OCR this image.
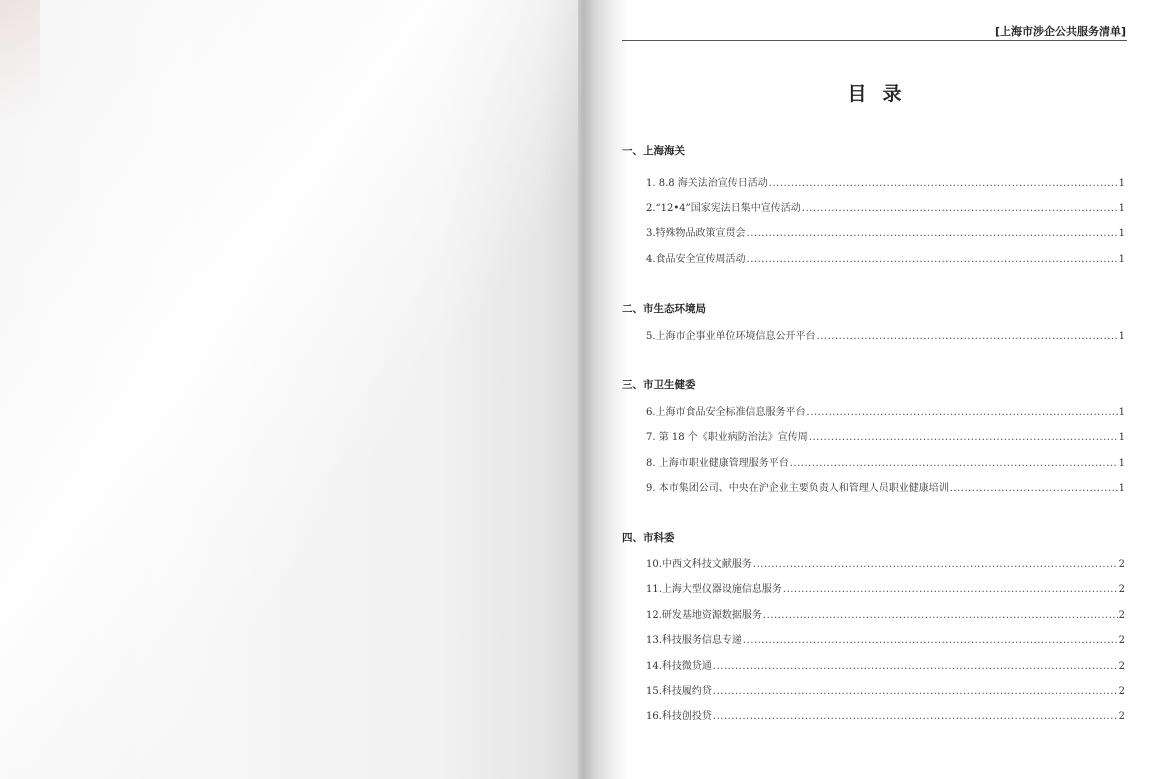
[上海市涉企公共服务清单]
目录
一、上海海关
1. 8.8 海关法治宣传日活动 .....	1
2.“12•4”国家宪法日集中宣传活动 .....	1
3.特殊物品政策宣贯会 .....	1
4.食品安全宣传周活动 .....	1
二、市生态环境局
5.上海市企事业单位环境信息公开平台 .....	1
三、市卫生健委
6.上海市食品安全标准信息服务平台 .....	1
7. 第 18 个《职业病防治法》宣传周 .....	1
8. 上海市职业健康管理服务平台 .....	1
9. 本市集团公司、中央在沪企业主要负责人和管理人员职业健康培训 .....	1
四、市科委
10.中西文科技文献服务 .....	2
11.上海大型仪器设施信息服务 .....	2
12.研发基地资源数据服务 .....	2
13.科技服务信息专递 .....	2
14.科技微贷通 .....	2
15.科技履约贷 .....	2
16.科技创投贷 .....	2
